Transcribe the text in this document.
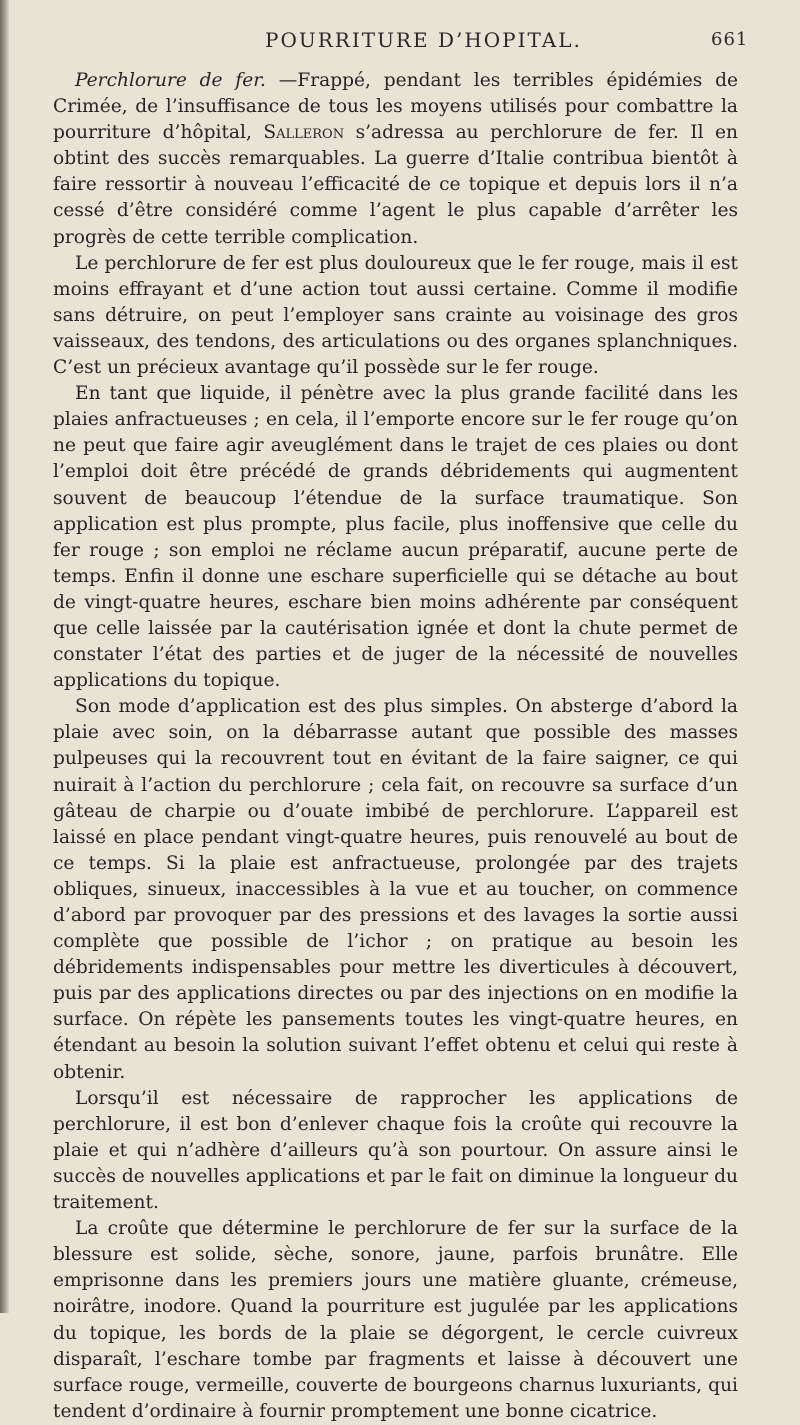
POURRITURE D’HOPITAL.	661

Perchlorure de fer. —Frappé, pendant les terribles épidémies de Crimée, de l’insuffisance de tous les moyens utilisés pour combattre la pourriture d’hôpital, Salleron s’adressa au perchlorure de fer. Il en obtint des succès remarquables. La guerre d’Italie contribua bientôt à faire ressortir à nouveau l’efficacité de ce topique et depuis lors il n’a cessé d’être considéré comme l’agent le plus capable d’arrêter les progrès de cette terrible complication.

Le perchlorure de fer est plus douloureux que le fer rouge, mais il est moins effrayant et d’une action tout aussi certaine. Comme il modifie sans détruire, on peut l’employer sans crainte au voisinage des gros vaisseaux, des tendons, des articulations ou des organes splanchniques. C’est un précieux avantage qu’il possède sur le fer rouge.

En tant que liquide, il pénètre avec la plus grande facilité dans les plaies anfractueuses ; en cela, il l’emporte encore sur le fer rouge qu’on ne peut que faire agir aveuglément dans le trajet de ces plaies ou dont l’emploi doit être précédé de grands débridements qui augmentent souvent de beaucoup l’étendue de la surface traumatique. Son application est plus prompte, plus facile, plus inoffensive que celle du fer rouge ; son emploi ne réclame aucun préparatif, aucune perte de temps. Enfin il donne une eschare superficielle qui se détache au bout de vingt-quatre heures, eschare bien moins adhérente par conséquent que celle laissée par la cautérisation ignée et dont la chute permet de constater l’état des parties et de juger de la nécessité de nouvelles applications du topique.

Son mode d’application est des plus simples. On absterge d’abord la plaie avec soin, on la débarrasse autant que possible des masses pulpeuses qui la recouvrent tout en évitant de la faire saigner, ce qui nuirait à l’action du perchlorure ; cela fait, on recouvre sa surface d’un gâteau de charpie ou d’ouate imbibé de perchlorure. L’appareil est laissé en place pendant vingt-quatre heures, puis renouvelé au bout de ce temps. Si la plaie est anfractueuse, prolongée par des trajets obliques, sinueux, inaccessibles à la vue et au toucher, on commence d’abord par provoquer par des pressions et des lavages la sortie aussi complète que possible de l’ichor ; on pratique au besoin les débridements indispensables pour mettre les diverticules à découvert, puis par des applications directes ou par des injections on en modifie la surface. On répète les pansements toutes les vingt-quatre heures, en étendant au besoin la solution suivant l’effet obtenu et celui qui reste à obtenir.

Lorsqu’il est nécessaire de rapprocher les applications de perchlorure, il est bon d’enlever chaque fois la croûte qui recouvre la plaie et qui n’adhère d’ailleurs qu’à son pourtour. On assure ainsi le succès de nouvelles applications et par le fait on diminue la longueur du traitement.

La croûte que détermine le perchlorure de fer sur la surface de la blessure est solide, sèche, sonore, jaune, parfois brunâtre. Elle emprisonne dans les premiers jours une matière gluante, crémeuse, noirâtre, inodore. Quand la pourriture est jugulée par les applications du topique, les bords de la plaie se dégorgent, le cercle cuivreux disparaît, l’eschare tombe par fragments et laisse à découvert une surface rouge, vermeille, couverte de bourgeons charnus luxuriants, qui tendent d’ordinaire à fournir promptement une bonne cicatrice.
